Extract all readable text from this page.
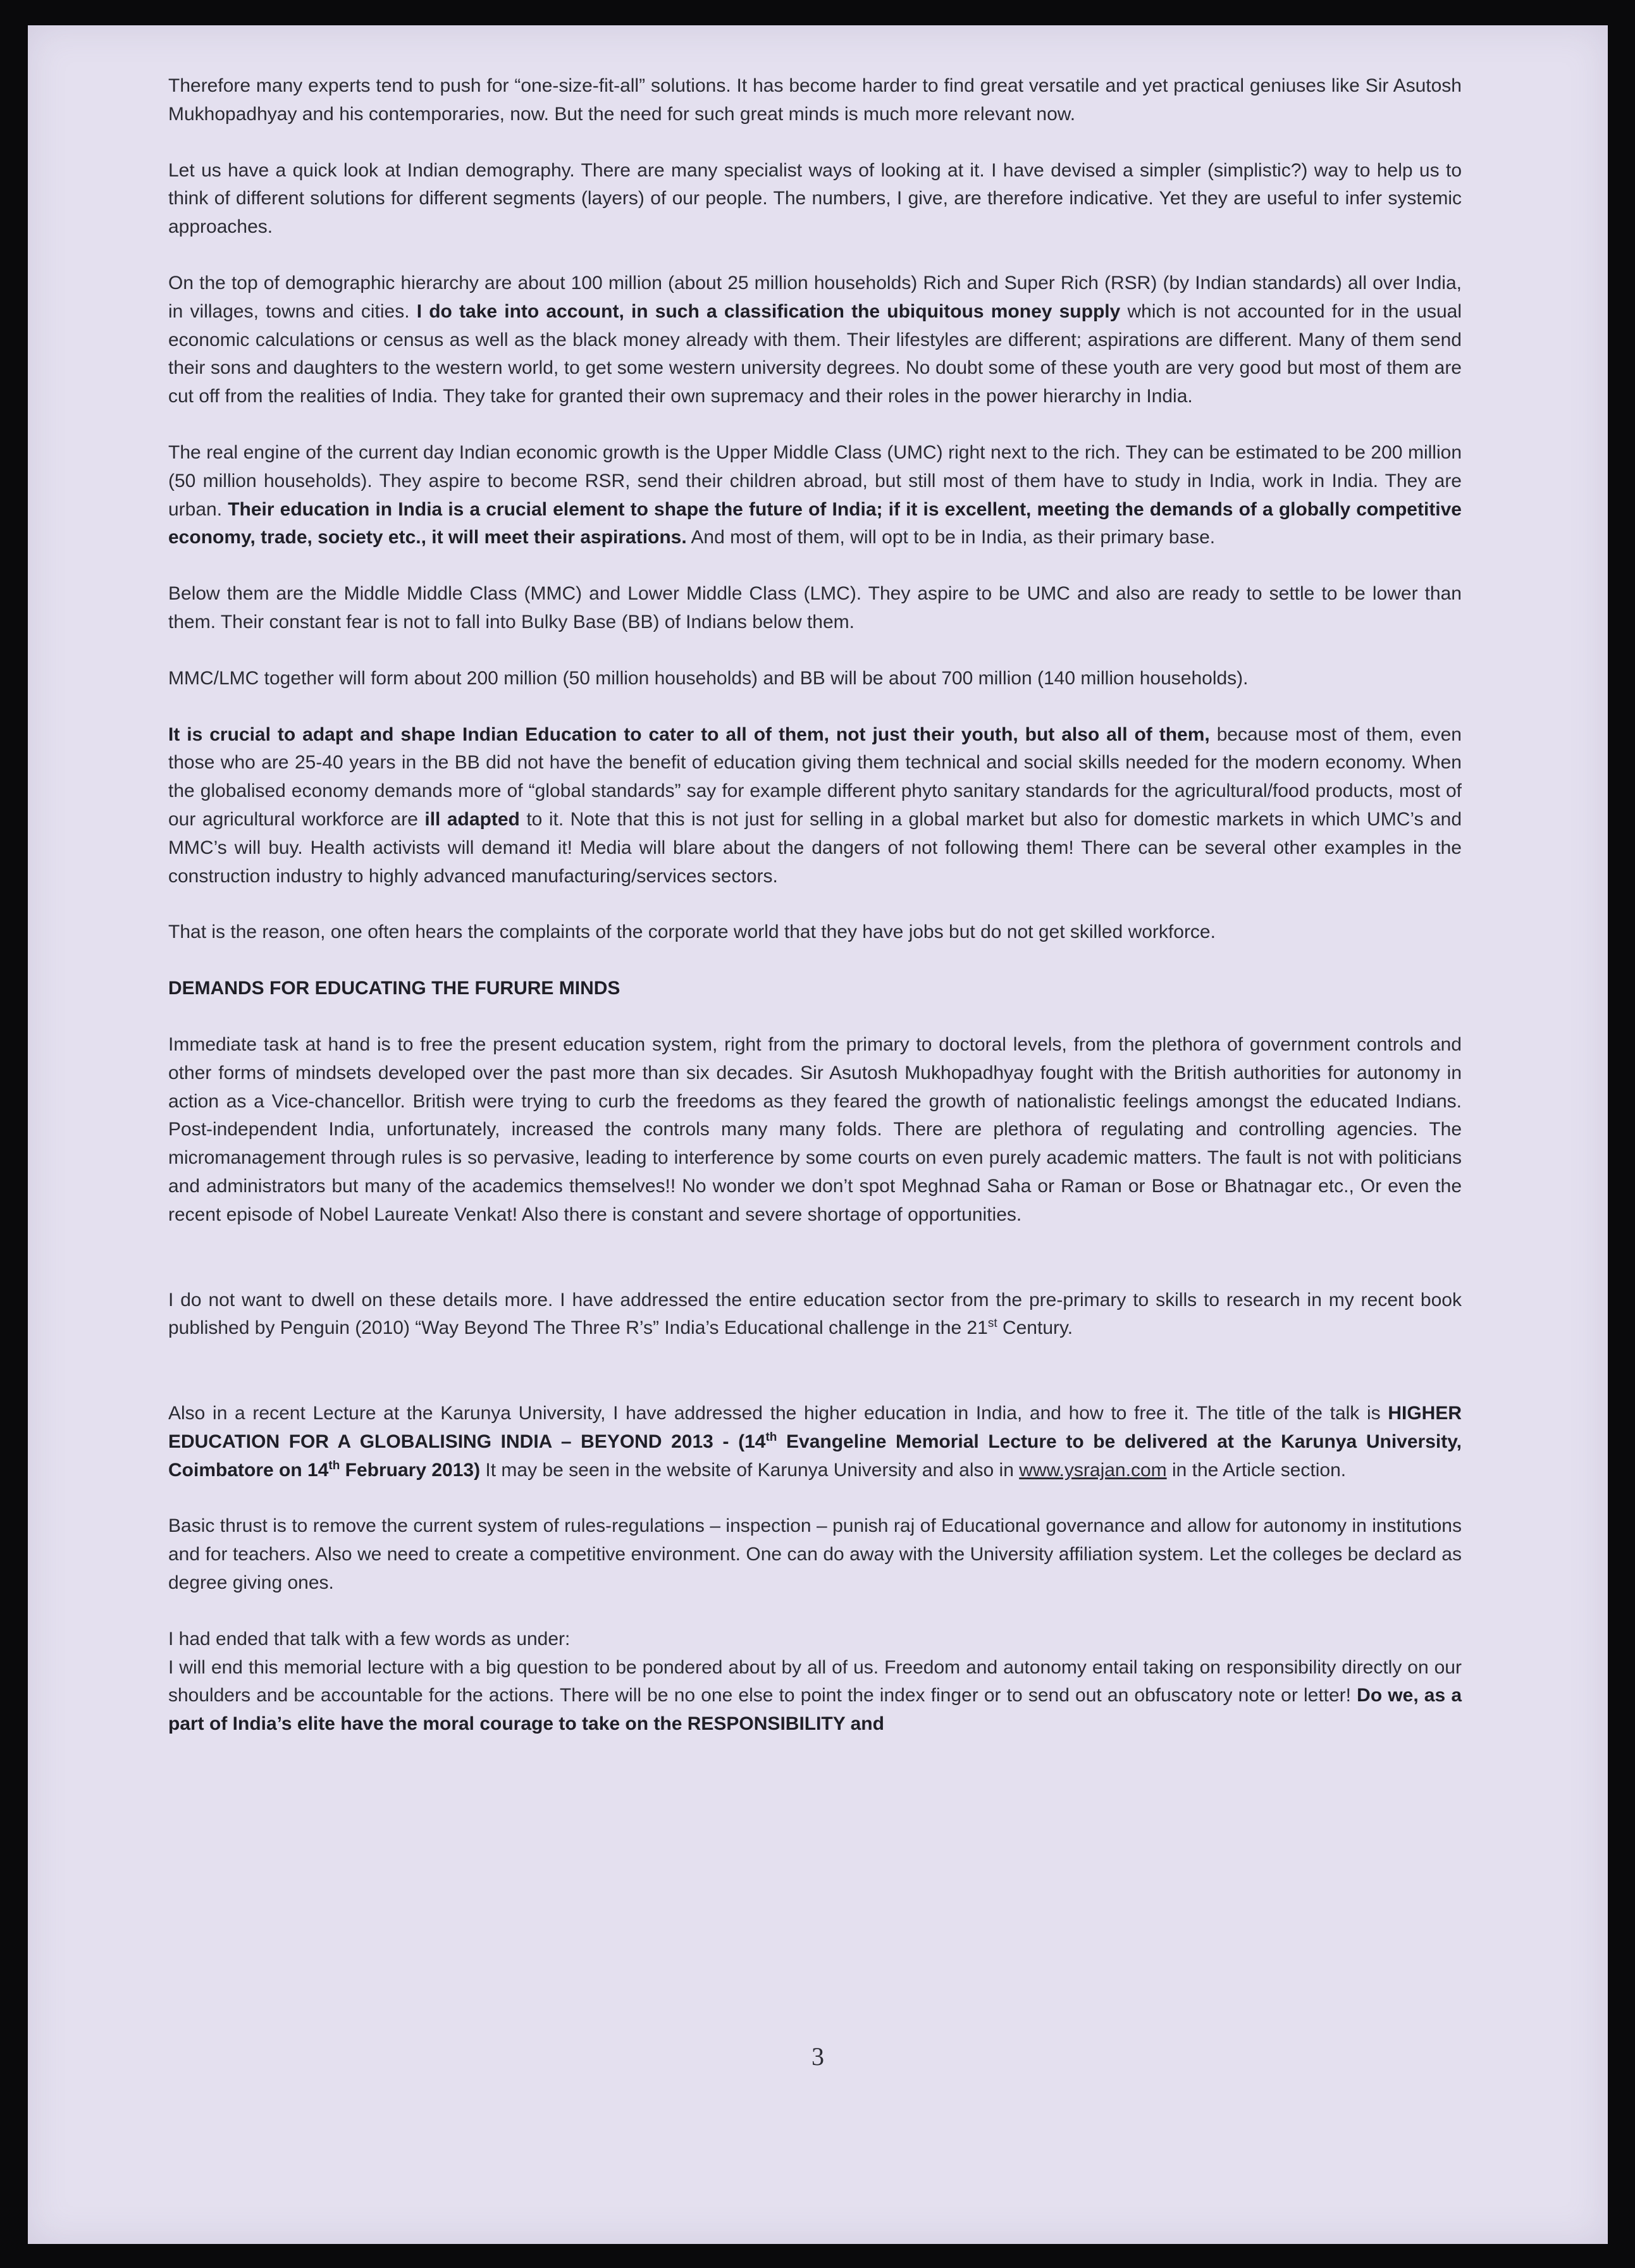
Therefore many experts tend to push for “one-size-fit-all” solutions. It has become harder to find great versatile and yet practical geniuses like Sir Asutosh Mukhopadhyay and his contemporaries, now. But the need for such great minds is much more relevant now.

Let us have a quick look at Indian demography. There are many specialist ways of looking at it. I have devised a simpler (simplistic?) way to help us to think of different solutions for different segments (layers) of our people. The numbers, I give, are therefore indicative. Yet they are useful to infer systemic approaches.

On the top of demographic hierarchy are about 100 million (about 25 million households) Rich and Super Rich (RSR) (by Indian standards) all over India, in villages, towns and cities. I do take into account, in such a classification the ubiquitous money supply which is not accounted for in the usual economic calculations or census as well as the black money already with them. Their lifestyles are different; aspirations are different. Many of them send their sons and daughters to the western world, to get some western university degrees. No doubt some of these youth are very good but most of them are cut off from the realities of India. They take for granted their own supremacy and their roles in the power hierarchy in India.

The real engine of the current day Indian economic growth is the Upper Middle Class (UMC) right next to the rich. They can be estimated to be 200 million (50 million households). They aspire to become RSR, send their children abroad, but still most of them have to study in India, work in India. They are urban. Their education in India is a crucial element to shape the future of India; if it is excellent, meeting the demands of a globally competitive economy, trade, society etc., it will meet their aspirations. And most of them, will opt to be in India, as their primary base.

Below them are the Middle Middle Class (MMC) and Lower Middle Class (LMC). They aspire to be UMC and also are ready to settle to be lower than them. Their constant fear is not to fall into Bulky Base (BB) of Indians below them.

MMC/LMC together will form about 200 million (50 million households) and BB will be about 700 million (140 million households).

It is crucial to adapt and shape Indian Education to cater to all of them, not just their youth, but also all of them, because most of them, even those who are 25-40 years in the BB did not have the benefit of education giving them technical and social skills needed for the modern economy. When the globalised economy demands more of “global standards” say for example different phyto sanitary standards for the agricultural/food products, most of our agricultural workforce are ill adapted to it. Note that this is not just for selling in a global market but also for domestic markets in which UMC’s and MMC’s will buy. Health activists will demand it! Media will blare about the dangers of not following them! There can be several other examples in the construction industry to highly advanced manufacturing/services sectors.

That is the reason, one often hears the complaints of the corporate world that they have jobs but do not get skilled workforce.

DEMANDS FOR EDUCATING THE FURURE MINDS

Immediate task at hand is to free the present education system, right from the primary to doctoral levels, from the plethora of government controls and other forms of mindsets developed over the past more than six decades. Sir Asutosh Mukhopadhyay fought with the British authorities for autonomy in action as a Vice-chancellor. British were trying to curb the freedoms as they feared the growth of nationalistic feelings amongst the educated Indians. Post-independent India, unfortunately, increased the controls many many folds. There are plethora of regulating and controlling agencies. The micromanagement through rules is so pervasive, leading to interference by some courts on even purely academic matters. The fault is not with politicians and administrators but many of the academics themselves!! No wonder we don’t spot Meghnad Saha or Raman or Bose or Bhatnagar etc., Or even the recent episode of Nobel Laureate Venkat! Also there is constant and severe shortage of opportunities.

I do not want to dwell on these details more. I have addressed the entire education sector from the pre-primary to skills to research in my recent book published by Penguin (2010) “Way Beyond The Three R’s” India’s Educational challenge in the 21st Century.

Also in a recent Lecture at the Karunya University, I have addressed the higher education in India, and how to free it. The title of the talk is HIGHER EDUCATION FOR A GLOBALISING INDIA – BEYOND 2013 - (14th Evangeline Memorial Lecture to be delivered at the Karunya University, Coimbatore on 14th February 2013) It may be seen in the website of Karunya University and also in www.ysrajan.com in the Article section.

Basic thrust is to remove the current system of rules-regulations – inspection – punish raj of Educational governance and allow for autonomy in institutions and for teachers. Also we need to create a competitive environment. One can do away with the University affiliation system. Let the colleges be declard as degree giving ones.

I had ended that talk with a few words as under:

I will end this memorial lecture with a big question to be pondered about by all of us. Freedom and autonomy entail taking on responsibility directly on our shoulders and be accountable for the actions. There will be no one else to point the index finger or to send out an obfuscatory note or letter! Do we, as a part of India’s elite have the moral courage to take on the RESPONSIBILITY and

3
